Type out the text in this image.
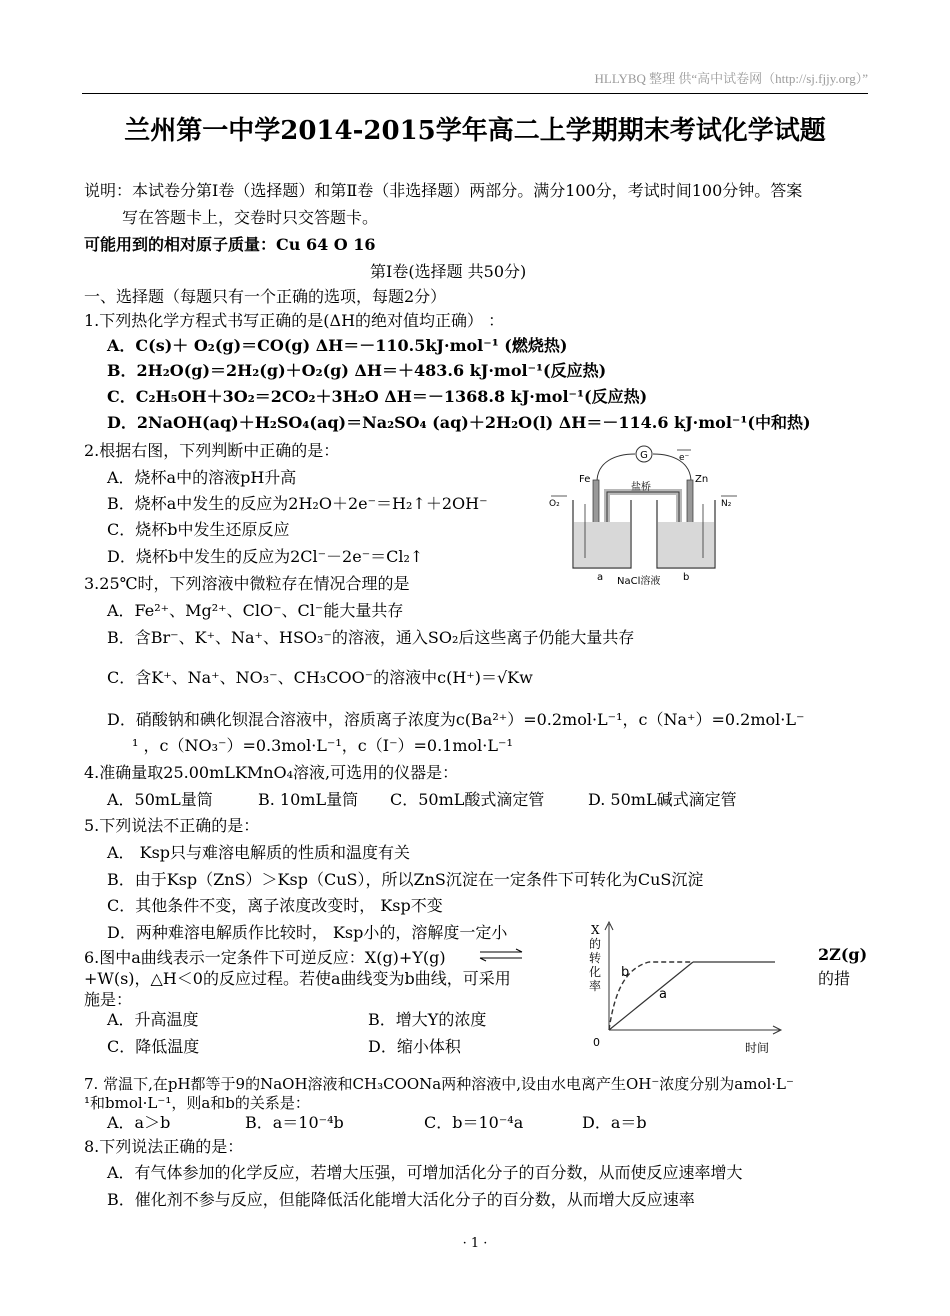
HLLYBQ 整理 供“高中试卷网（http://sj.fjjy.org）”
兰州第一中学2014-2015学年高二上学期期末考试化学试题
说明：本试卷分第Ⅰ卷（选择题）和第Ⅱ卷（非选择题）两部分。满分100分，考试时间100分钟。答案
写在答题卡上，交卷时只交答题卡。
可能用到的相对原子质量：Cu 64 O 16
第Ⅰ卷(选择题 共50分)
一、选择题（每题只有一个正确的选项，每题2分）
1.下列热化学方程式书写正确的是(ΔH的绝对值均正确） ：
A．C(s)＋ O₂(g)＝CO(g) ΔH＝－110.5kJ·mol⁻¹ (燃烧热)
B．2H₂O(g)＝2H₂(g)＋O₂(g) ΔH＝＋483.6 kJ·mol⁻¹(反应热)
C．C₂H₅OH＋3O₂＝2CO₂＋3H₂O ΔH＝－1368.8 kJ·mol⁻¹(反应热)
D．2NaOH(aq)＋H₂SO₄(aq)＝Na₂SO₄ (aq)＋2H₂O(l) ΔH＝－114.6 kJ·mol⁻¹(中和热)
2.根据右图，下列判断中正确的是：
A．烧杯a中的溶液pH升高
B．烧杯a中发生的反应为2H₂O＋2e⁻＝H₂↑＋2OH⁻
C．烧杯b中发生还原反应
D．烧杯b中发生的反应为2Cl⁻－2e⁻＝Cl₂↑
G	e⁻
Fe	Zn
盐桥
O₂	N₂
a	b
NaCl溶液
3.25℃时，下列溶液中微粒存在情况合理的是
A．Fe²⁺、Mg²⁺、ClO⁻、Cl⁻能大量共存
B．含Br⁻、K⁺、Na⁺、HSO₃⁻的溶液，通入SO₂后这些离子仍能大量共存
C．含K⁺、Na⁺、NO₃⁻、CH₃COO⁻的溶液中c(H⁺)＝√Kw
D．硝酸钠和碘化钡混合溶液中，溶质离子浓度为c(Ba²⁺）=0.2mol·L⁻¹，c（Na⁺）=0.2mol·L⁻
¹ ，c（NO₃⁻）=0.3mol·L⁻¹，c（I⁻）=0.1mol·L⁻¹
4.准确量取25.00mLKMnO₄溶液,可选用的仪器是：
A．50mL量筒	B. 10mL量筒 C．50mL酸式滴定管	D. 50mL碱式滴定管
5.下列说法不正确的是：
A． Ksp只与难溶电解质的性质和温度有关
B．由于Ksp（ZnS）＞Ksp（CuS），所以ZnS沉淀在一定条件下可转化为CuS沉淀
C．其他条件不变，离子浓度改变时， Ksp不变
D．两种难溶电解质作比较时， Ksp小的，溶解度一定小
6.图中a曲线表示一定条件下可逆反应：X(g)+Y(g)	2Z(g)
+W(s)，△H＜0的反应过程。若使a曲线变为b曲线，可采用	的措
施是：
A．升高温度	B．增大Y的浓度
C．降低温度	D．缩小体积
X
的
转
化
率
0	时间
a
b
7. 常温下,在pH都等于9的NaOH溶液和CH₃COONa两种溶液中,设由水电离产生OH⁻浓度分别为amol·L⁻
¹和bmol·L⁻¹，则a和b的关系是：
A．a＞b	B．a＝10⁻⁴b	C．b＝10⁻⁴a	D．a＝b
8.下列说法正确的是：
A．有气体参加的化学反应，若增大压强，可增加活化分子的百分数，从而使反应速率增大
B．催化剂不参与反应，但能降低活化能增大活化分子的百分数，从而增大反应速率
· 1 ·
